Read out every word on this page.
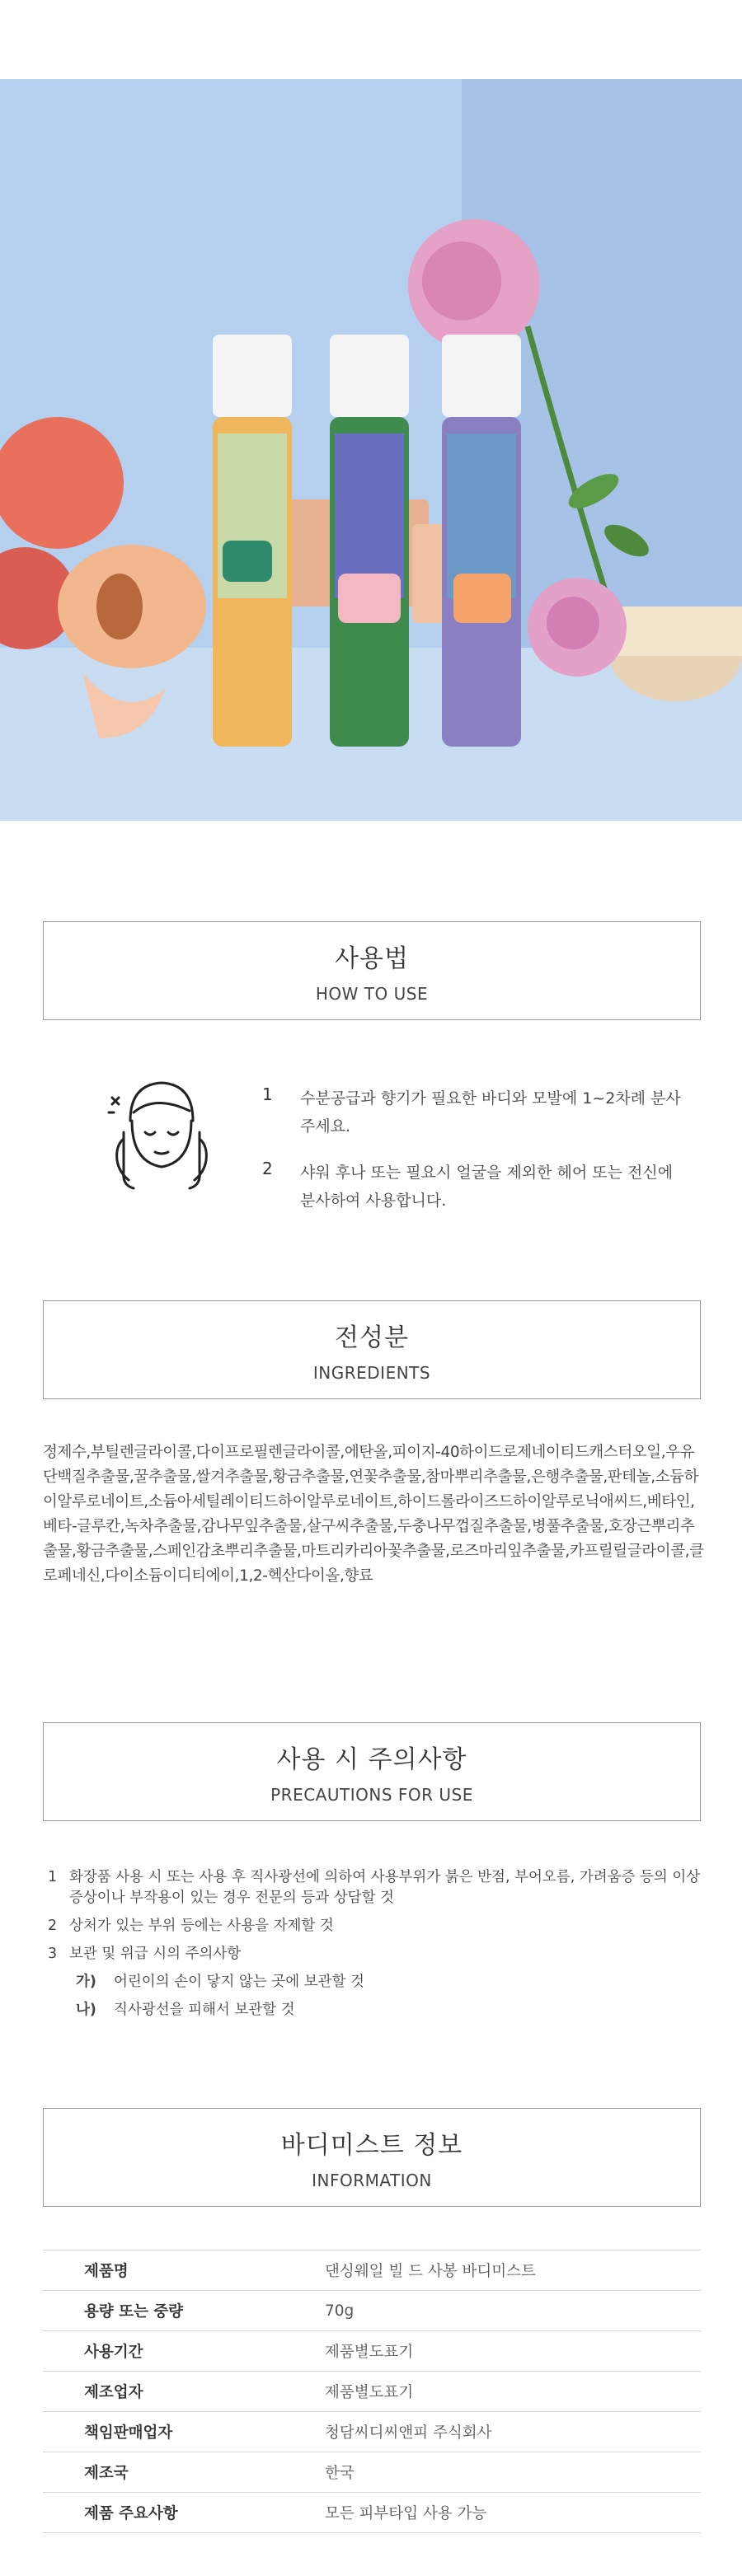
사용법
HOW TO USE
1	수분공급과 향기가 필요한 바디와 모발에 1~2차례 분사 주세요.
2	샤워 후나 또는 필요시 얼굴을 제외한 헤어 또는 전신에 분사하여 사용합니다.
전성분
INGREDIENTS
정제수,부틸렌글라이콜,다이프로필렌글라이콜,에탄올,피이지-40하이드로제네이티드캐스터오일,우유단백질추출물,꿀추출물,쌀겨추출물,황금추출물,연꽃추출물,참마뿌리추출물,은행추출물,판테놀,소듐하이알루로네이트,소듐아세틸레이티드하이알루로네이트,하이드롤라이즈드하이알루로닉애씨드,베타인,베타-글루칸,녹차추출물,감나무잎추출물,살구씨추출물,두충나무껍질추출물,병풀추출물,호장근뿌리추출물,황금추출물,스페인감초뿌리추출물,마트리카리아꽃추출물,로즈마리잎추출물,카프릴릴글라이콜,클로페네신,다이소듐이디티에이,1,2-헥산다이올,향료
사용 시 주의사항
PRECAUTIONS FOR USE
1 화장품 사용 시 또는 사용 후 직사광선에 의하여 사용부위가 붉은 반점, 부어오름, 가려움증 등의 이상 증상이나 부작용이 있는 경우 전문의 등과 상담할 것
2 상처가 있는 부위 등에는 사용을 자제할 것
3 보관 및 위급 시의 주의사항
가)	어린이의 손이 닿지 않는 곳에 보관할 것
나)	직사광선을 피해서 보관할 것
바디미스트 정보
INFORMATION
제품명	댄싱웨일 빌 드 사봉 바디미스트
용량 또는 중량	70g
사용기간	제품별도표기
제조업자	제품별도표기
책임판매업자	청담씨디씨앤피 주식회사
제조국	한국
제품 주요사항	모든 피부타입 사용 가능
